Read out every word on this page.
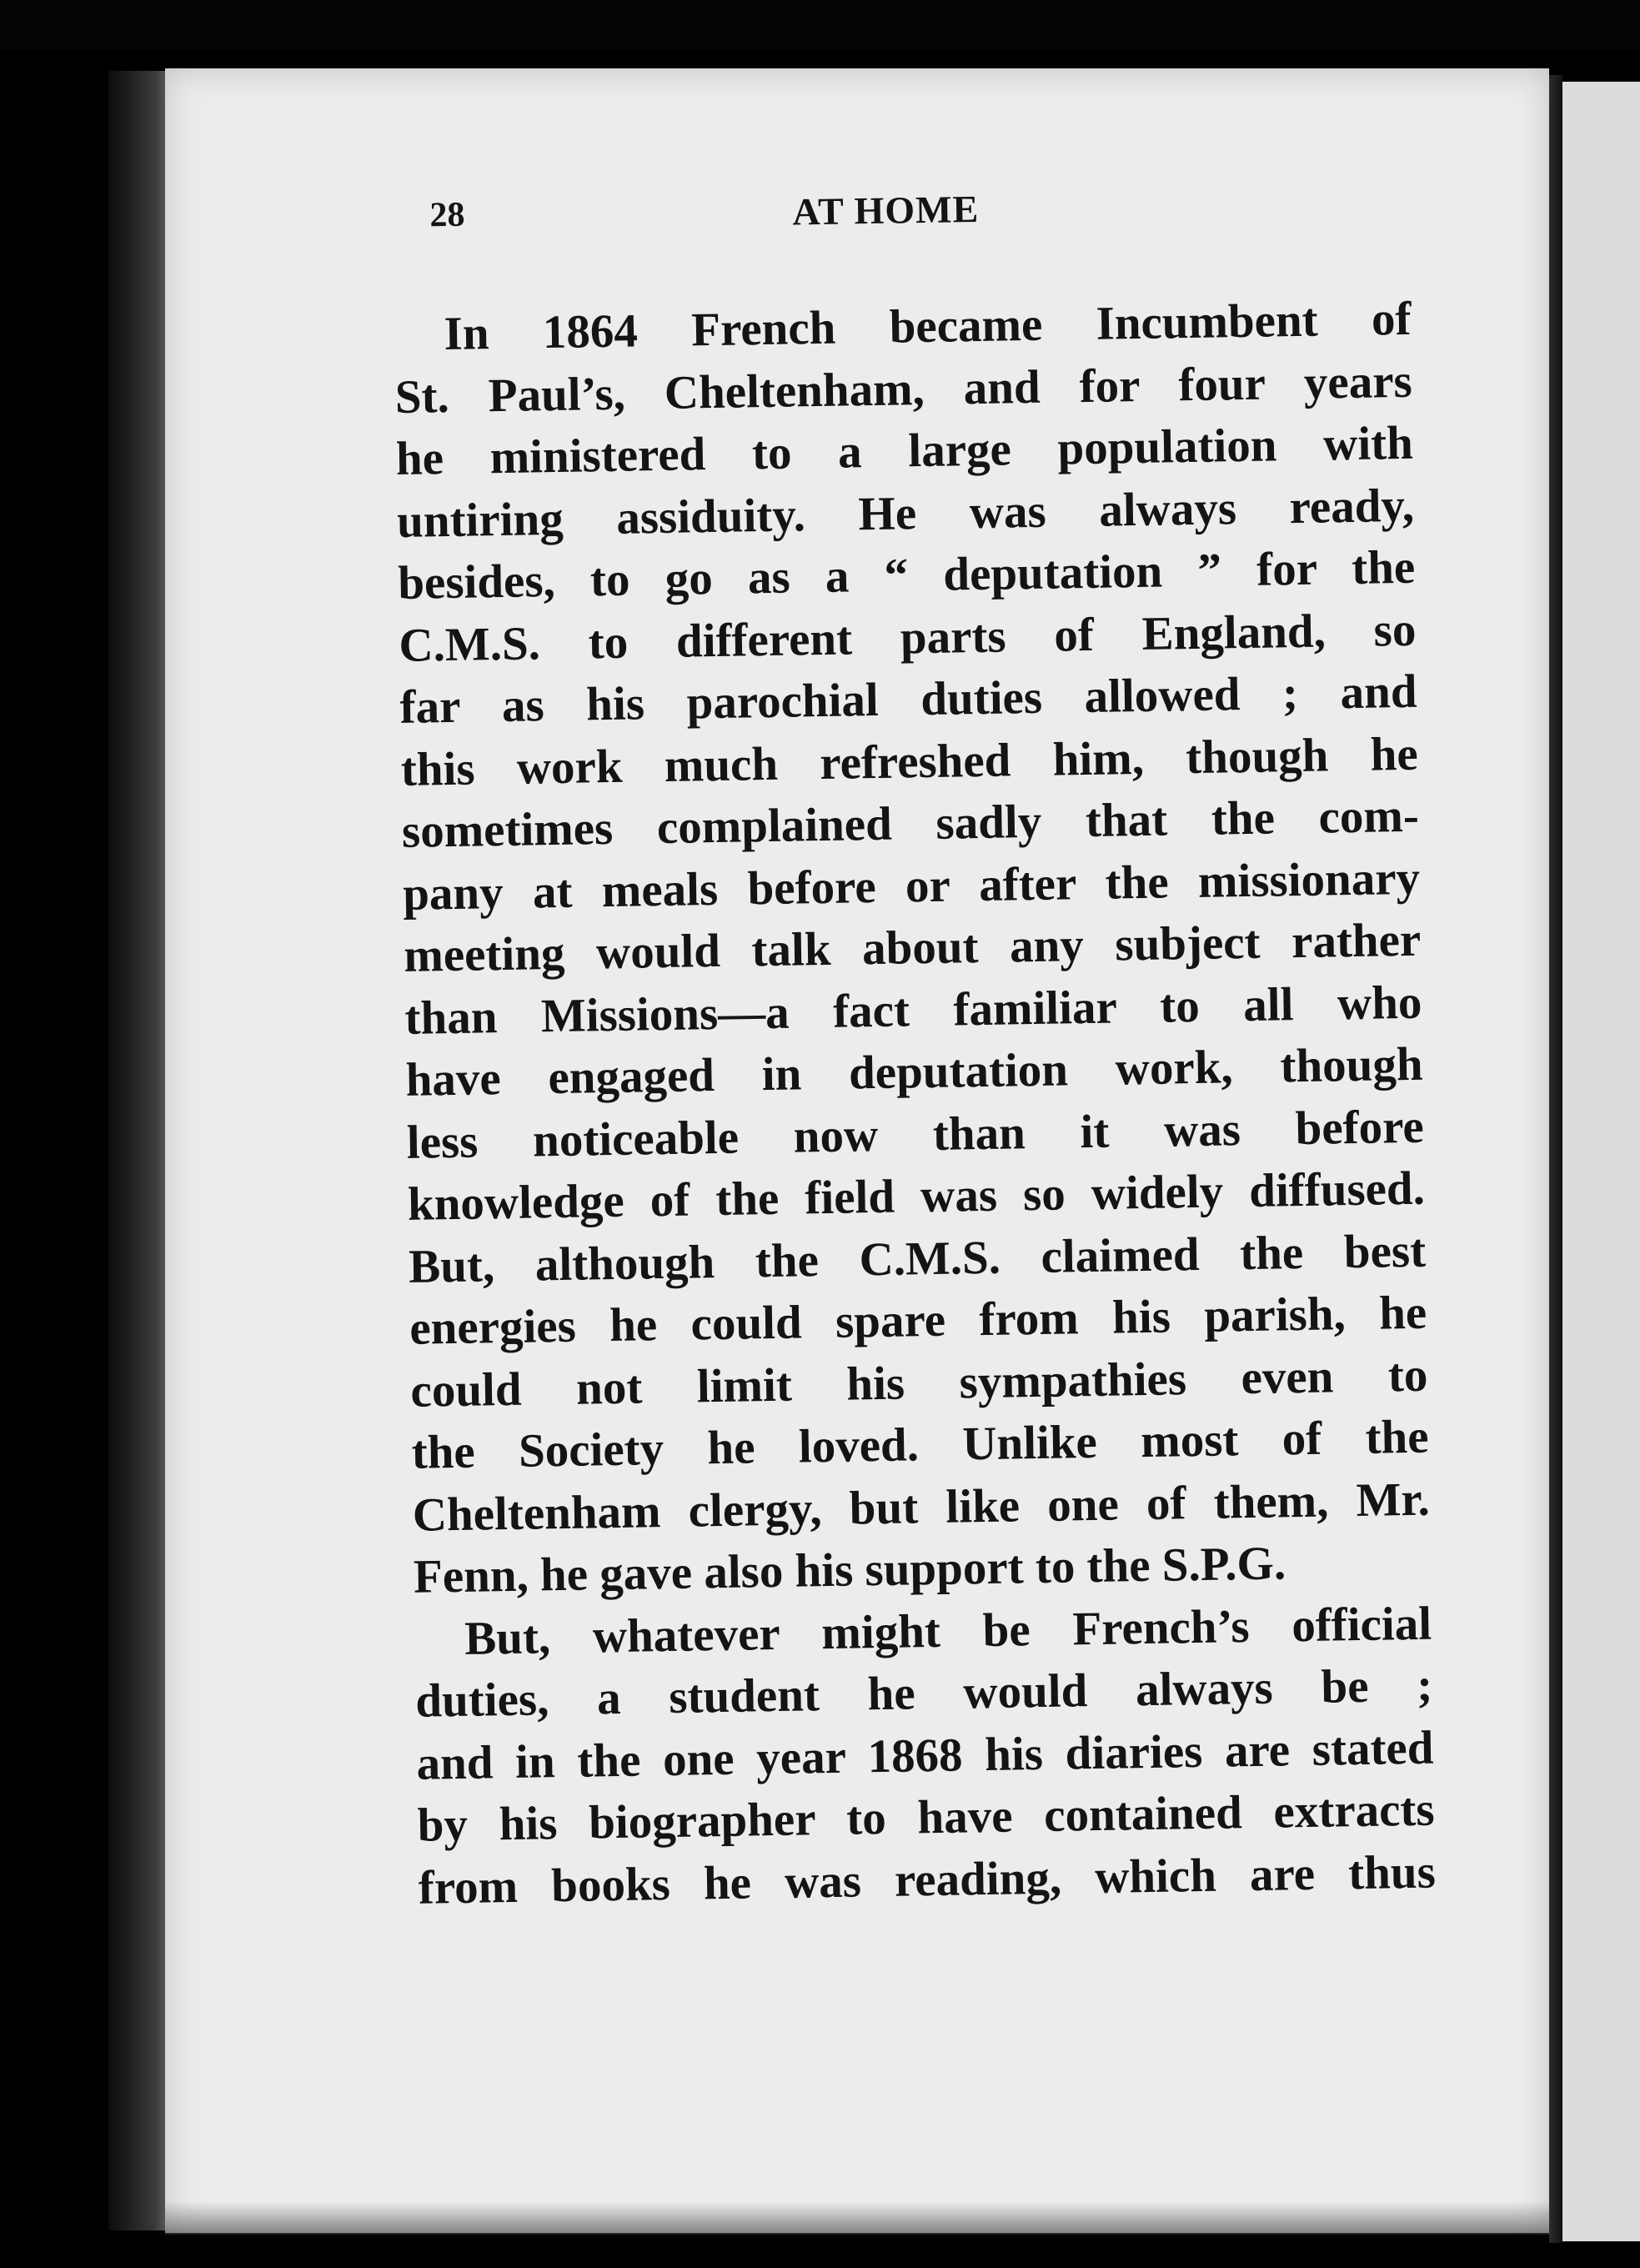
28	AT HOME
In 1864 French became Incumbent of
St. Paul’s, Cheltenham, and for four years
he ministered to a large population with
untiring assiduity. He was always ready,
besides, to go as a “ deputation ” for the
C.M.S. to different parts of England, so
far as his parochial duties allowed ; and
this work much refreshed him, though he
sometimes complained sadly that the com-
pany at meals before or after the missionary
meeting would talk about any subject rather
than Missions—a fact familiar to all who
have engaged in deputation work, though
less noticeable now than it was before
knowledge of the field was so widely diffused.
But, although the C.M.S. claimed the best
energies he could spare from his parish, he
could not limit his sympathies even to
the Society he loved. Unlike most of the
Cheltenham clergy, but like one of them, Mr.
Fenn, he gave also his support to the S.P.G.
But, whatever might be French’s official
duties, a student he would always be ;
and in the one year 1868 his diaries are stated
by his biographer to have contained extracts
from books he was reading, which are thus
